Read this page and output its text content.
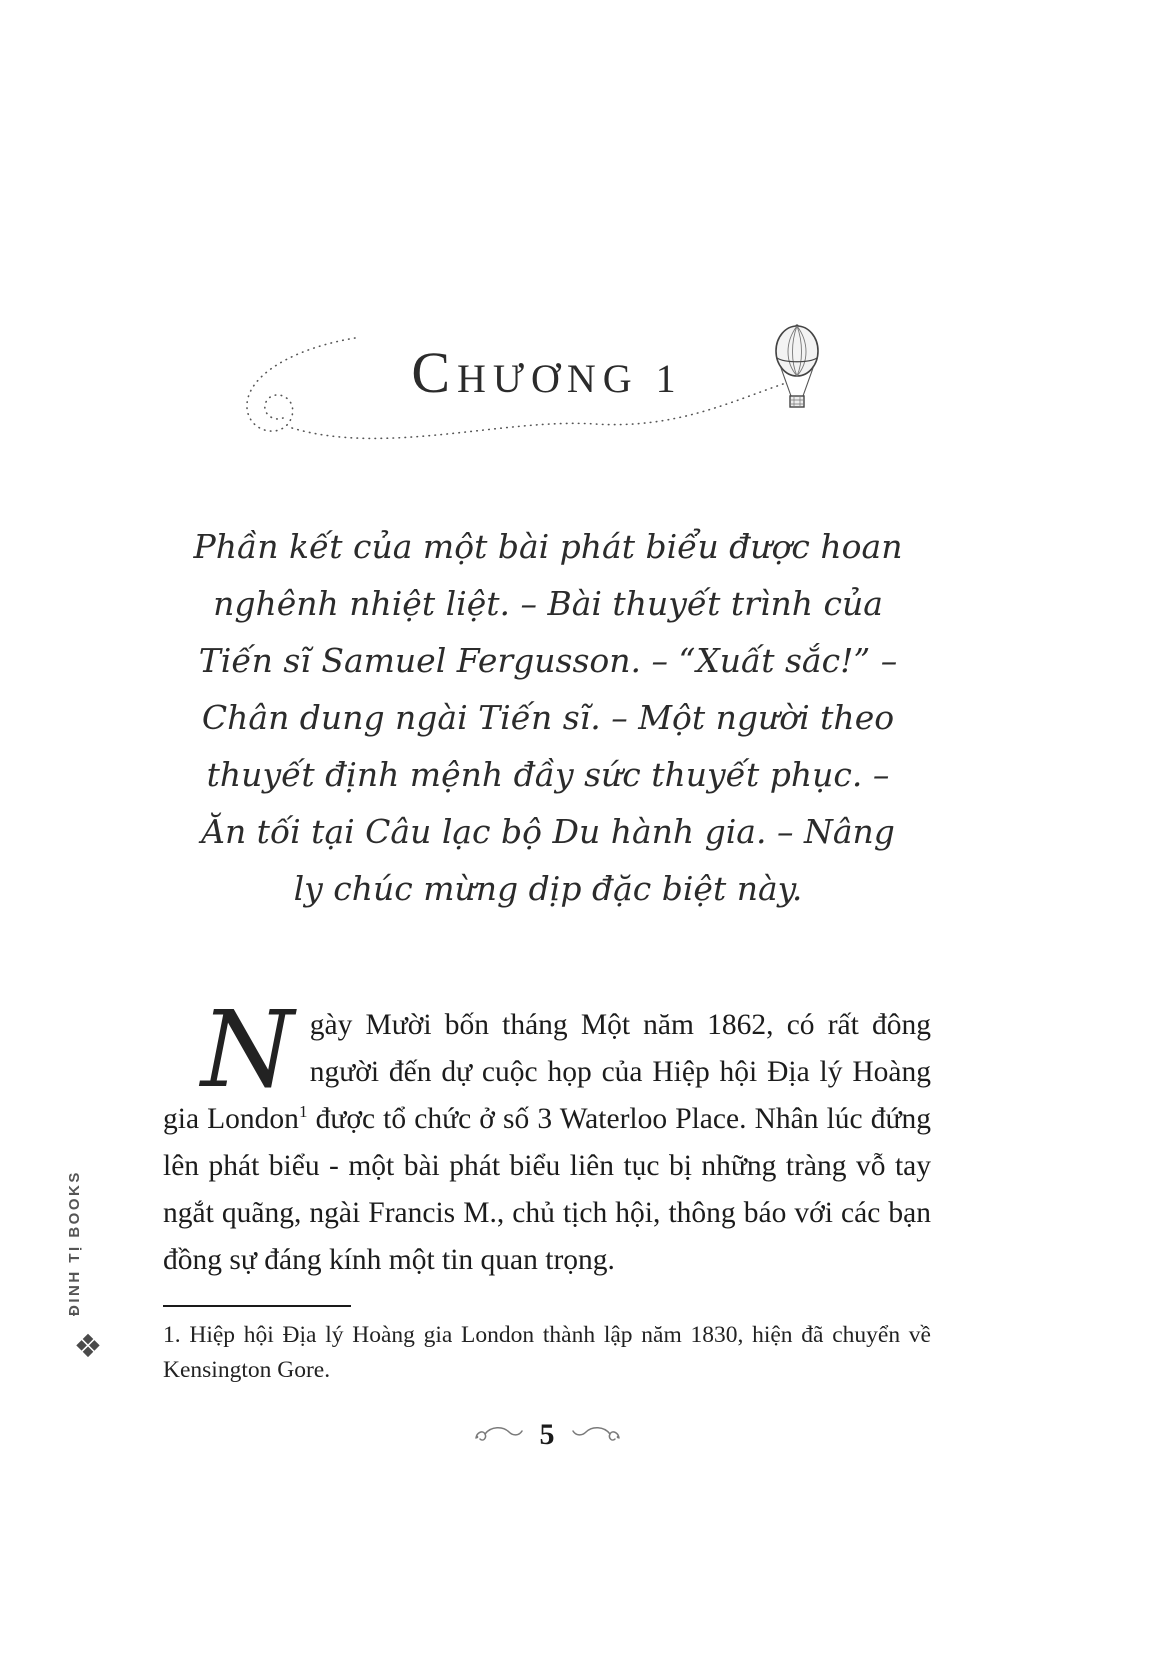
CHƯƠNG 1
Phần kết của một bài phát biểu được hoan
nghênh nhiệt liệt. – Bài thuyết trình của
Tiến sĩ Samuel Fergusson. – “Xuất sắc!” –
Chân dung ngài Tiến sĩ. – Một người theo
thuyết định mệnh đầy sức thuyết phục. –
Ăn tối tại Câu lạc bộ Du hành gia. – Nâng
ly chúc mừng dịp đặc biệt này.

Ngày Mười bốn tháng Một năm 1862, có rất đông người đến dự cuộc họp của Hiệp hội Địa lý Hoàng gia London$^1$ được tổ chức ở số 3 Waterloo Place. Nhân lúc đứng lên phát biểu - một bài phát biểu liên tục bị những tràng vỗ tay ngắt quãng, ngài Francis M., chủ tịch hội, thông báo với các bạn đồng sự đáng kính một tin quan trọng.

1. Hiệp hội Địa lý Hoàng gia London thành lập năm 1830, hiện đã chuyển về Kensington Gore.
ĐINH TỊ BOOKS
❖
5
